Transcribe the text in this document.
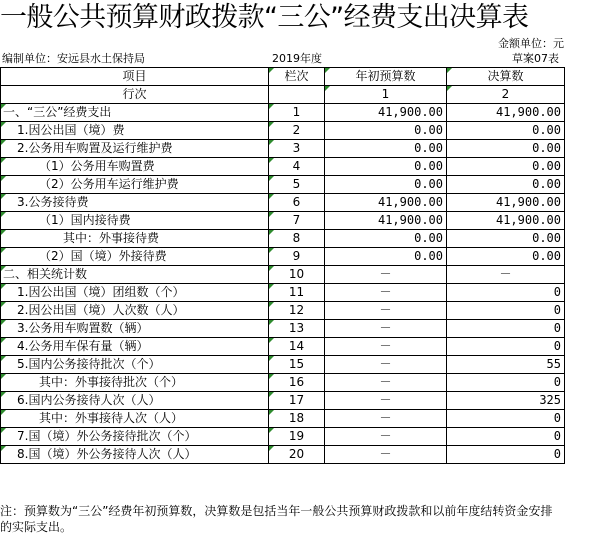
一般公共预算财政拨款“三公”经费支出决算表
金额单位：元
编制单位：安远县水土保持局	2019年度	草案07表
项目	栏次	年初预算数	决算数
行次		1	2
一、“三公”经费支出	1	41,900.00	41,900.00
1.因公出国（境）费	2	0.00	0.00
2.公务用车购置及运行维护费	3	0.00	0.00
（1）公务用车购置费	4	0.00	0.00
（2）公务用车运行维护费	5	0.00	0.00
3.公务接待费	6	41,900.00	41,900.00
（1）国内接待费	7	41,900.00	41,900.00
其中：外事接待费	8	0.00	0.00
（2）国（境）外接待费	9	0.00	0.00
二、相关统计数	10	－	－
1.因公出国（境）团组数（个）	11	－	0
2.因公出国（境）人次数（人）	12	－	0
3.公务用车购置数（辆）	13	－	0
4.公务用车保有量（辆）	14	－	0
5.国内公务接待批次（个）	15	－	55
其中：外事接待批次（个）	16	－	0
6.国内公务接待人次（人）	17	－	325
其中：外事接待人次（人）	18	－	0
7.国（境）外公务接待批次（个）	19	－	0
8.国（境）外公务接待人次（人）	20	－	0
注：预算数为“三公”经费年初预算数，决算数是包括当年一般公共预算财政拨款和以前年度结转资金安排的实际支出。
